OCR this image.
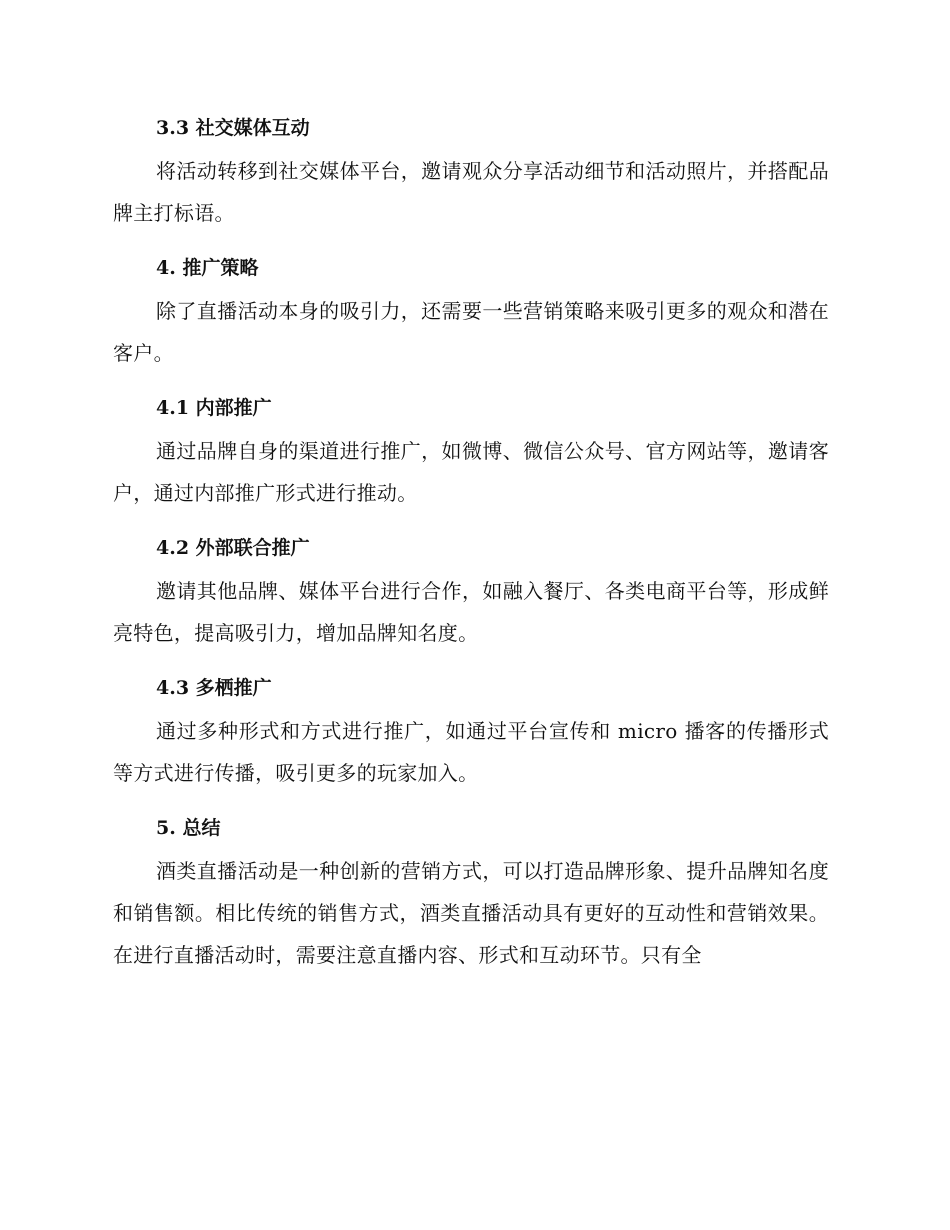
3.3 社交媒体互动

将活动转移到社交媒体平台，邀请观众分享活动细节和活动照片，并搭配品牌主打标语。

4. 推广策略

除了直播活动本身的吸引力，还需要一些营销策略来吸引更多的观众和潜在客户。

4.1 内部推广

通过品牌自身的渠道进行推广，如微博、微信公众号、官方网站等，邀请客户，通过内部推广形式进行推动。

4.2 外部联合推广

邀请其他品牌、媒体平台进行合作，如融入餐厅、各类电商平台等，形成鲜亮特色，提高吸引力，增加品牌知名度。

4.3 多栖推广

通过多种形式和方式进行推广，如通过平台宣传和 micro 播客的传播形式等方式进行传播，吸引更多的玩家加入。

5. 总结

酒类直播活动是一种创新的营销方式，可以打造品牌形象、提升品牌知名度和销售额。相比传统的销售方式，酒类直播活动具有更好的互动性和营销效果。在进行直播活动时，需要注意直播内容、形式和互动环节。只有全
